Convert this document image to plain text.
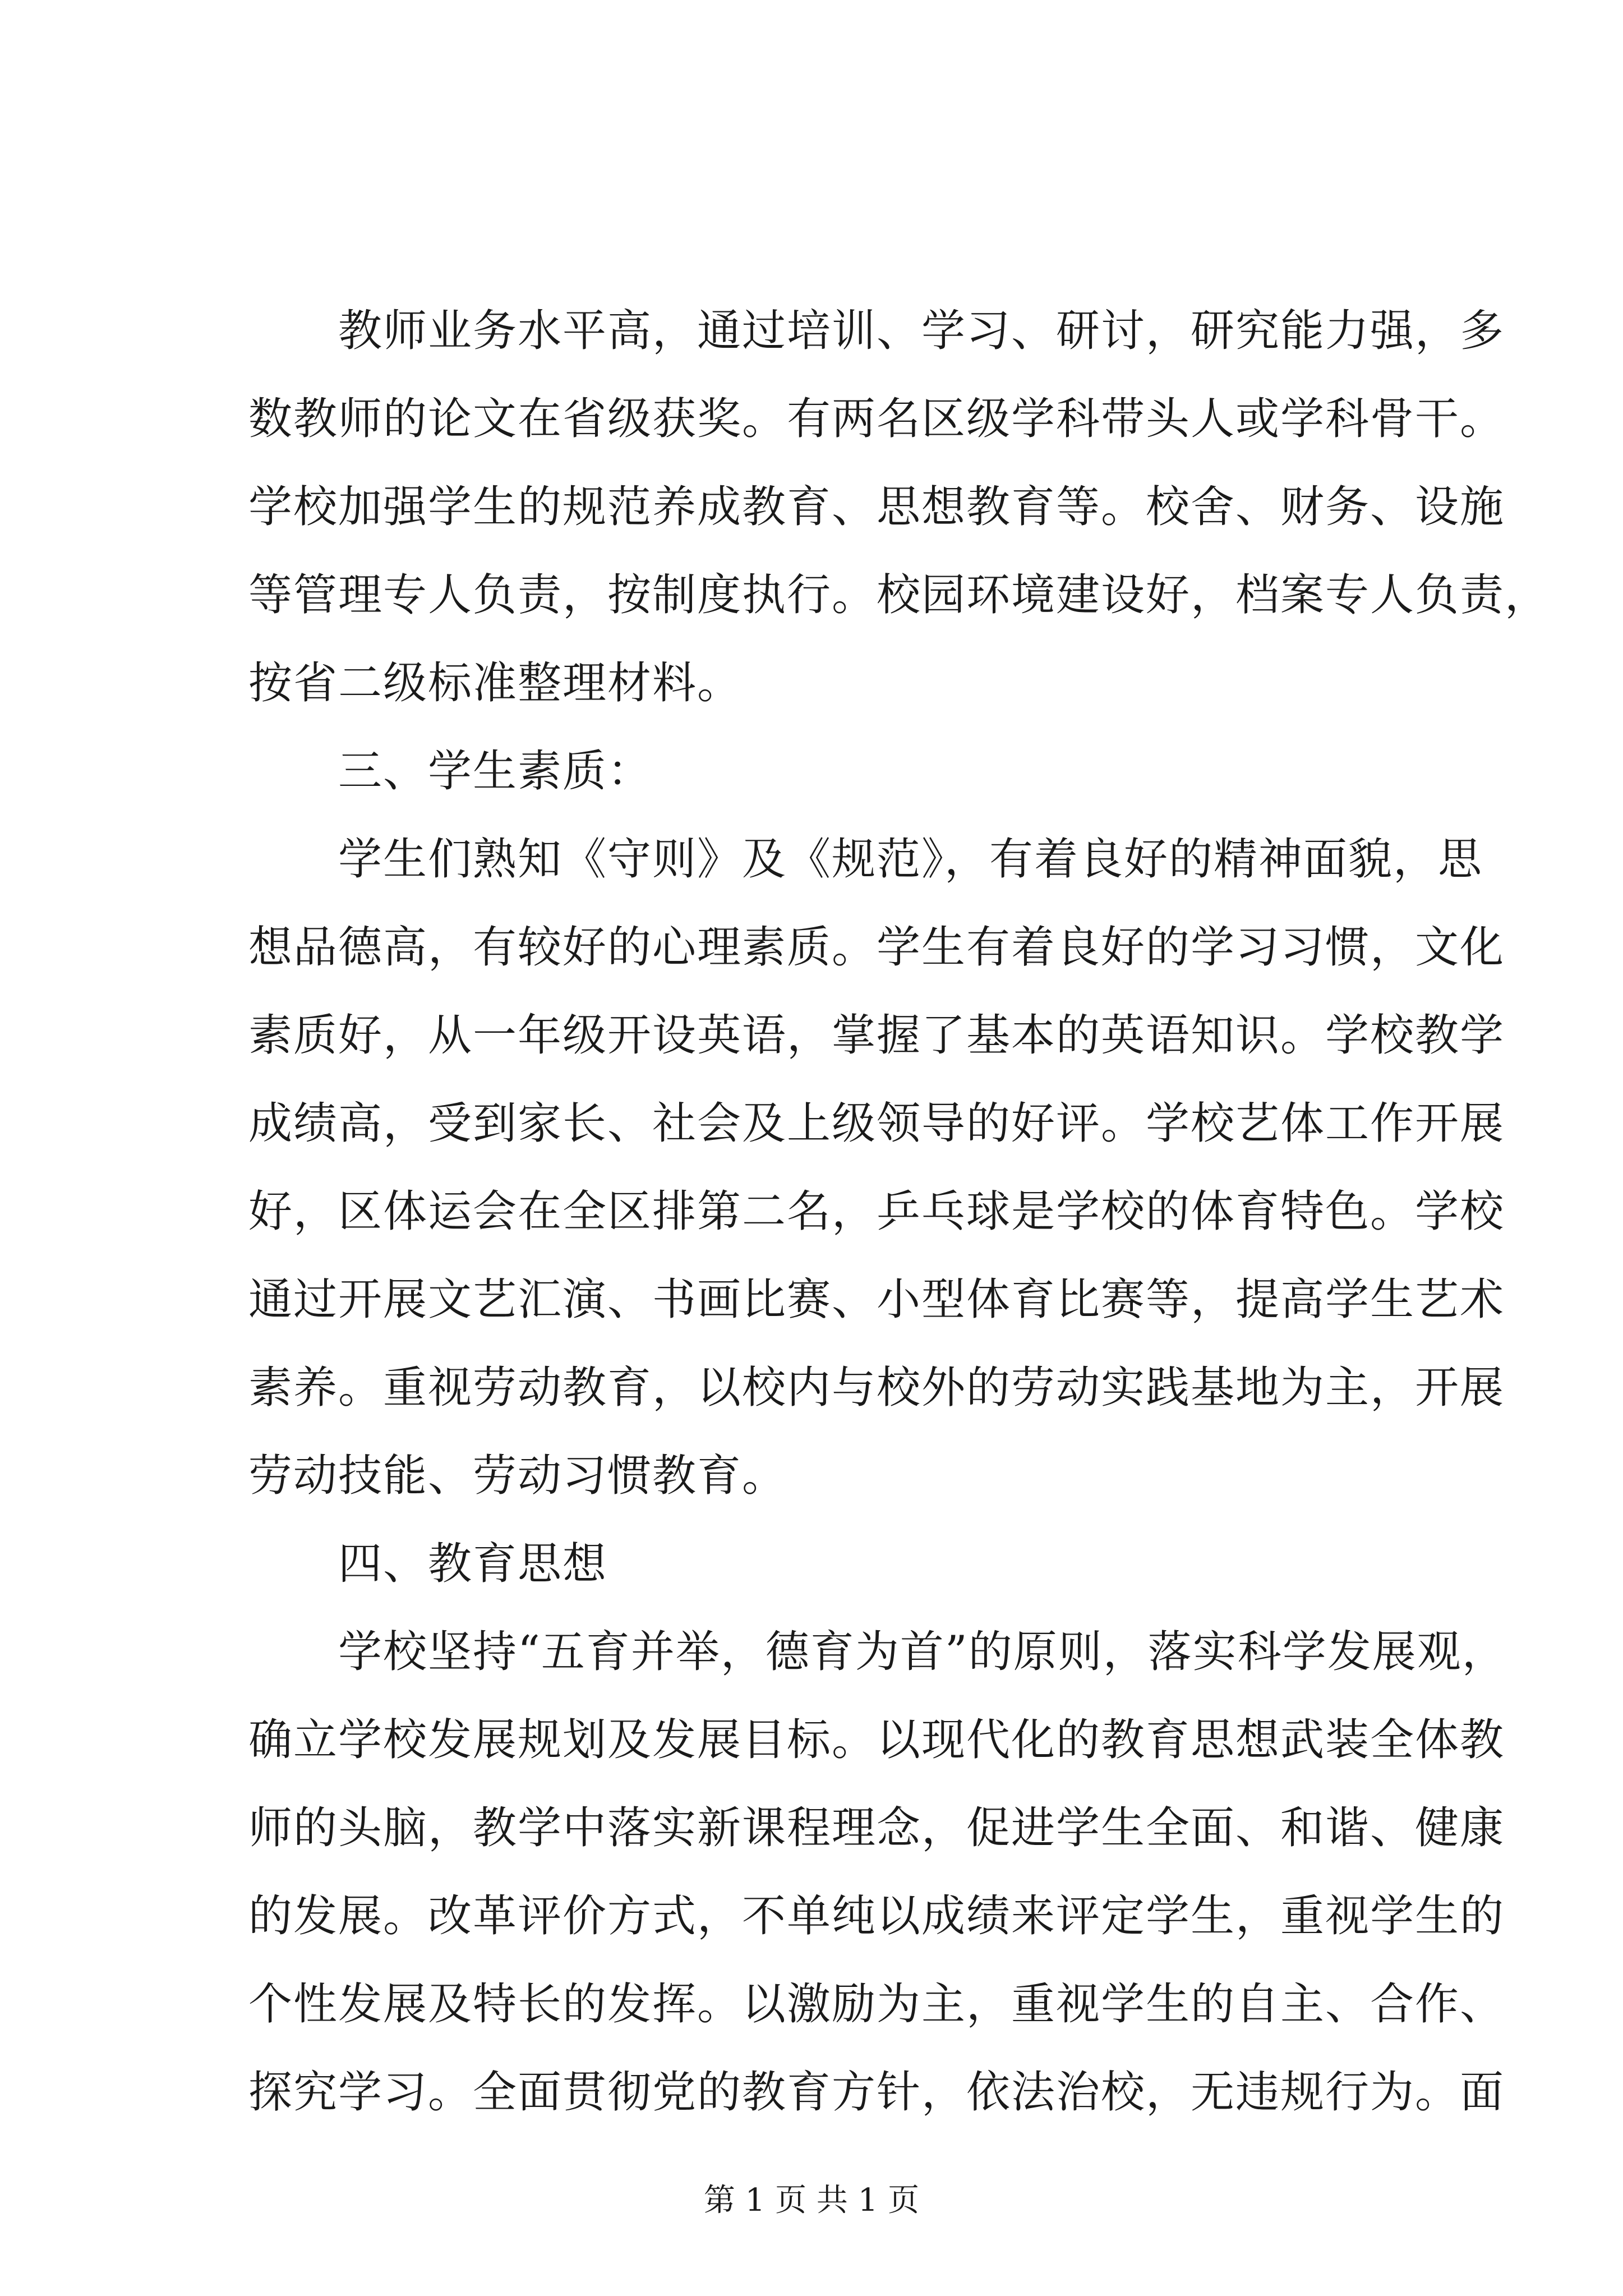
　　教师业务水平高，通过培训、学习、研讨，研究能力强，多
数教师的论文在省级获奖。有两名区级学科带头人或学科骨干。
学校加强学生的规范养成教育、思想教育等。校舍、财务、设施
等管理专人负责，按制度执行。校园环境建设好，档案专人负责，
按省二级标准整理材料。
　　三、学生素质：
　　学生们熟知《守则》及《规范》，有着良好的精神面貌，思
想品德高，有较好的心理素质。学生有着良好的学习习惯，文化
素质好，从一年级开设英语，掌握了基本的英语知识。学校教学
成绩高，受到家长、社会及上级领导的好评。学校艺体工作开展
好，区体运会在全区排第二名，乒乓球是学校的体育特色。学校
通过开展文艺汇演、书画比赛、小型体育比赛等，提高学生艺术
素养。重视劳动教育，以校内与校外的劳动实践基地为主，开展
劳动技能、劳动习惯教育。
　　四、教育思想
　　学校坚持“五育并举，德育为首”的原则，落实科学发展观，
确立学校发展规划及发展目标。以现代化的教育思想武装全体教
师的头脑，教学中落实新课程理念，促进学生全面、和谐、健康
的发展。改革评价方式，不单纯以成绩来评定学生，重视学生的
个性发展及特长的发挥。以激励为主，重视学生的自主、合作、
探究学习。全面贯彻党的教育方针，依法治校，无违规行为。面
第 1 页 共 1 页
